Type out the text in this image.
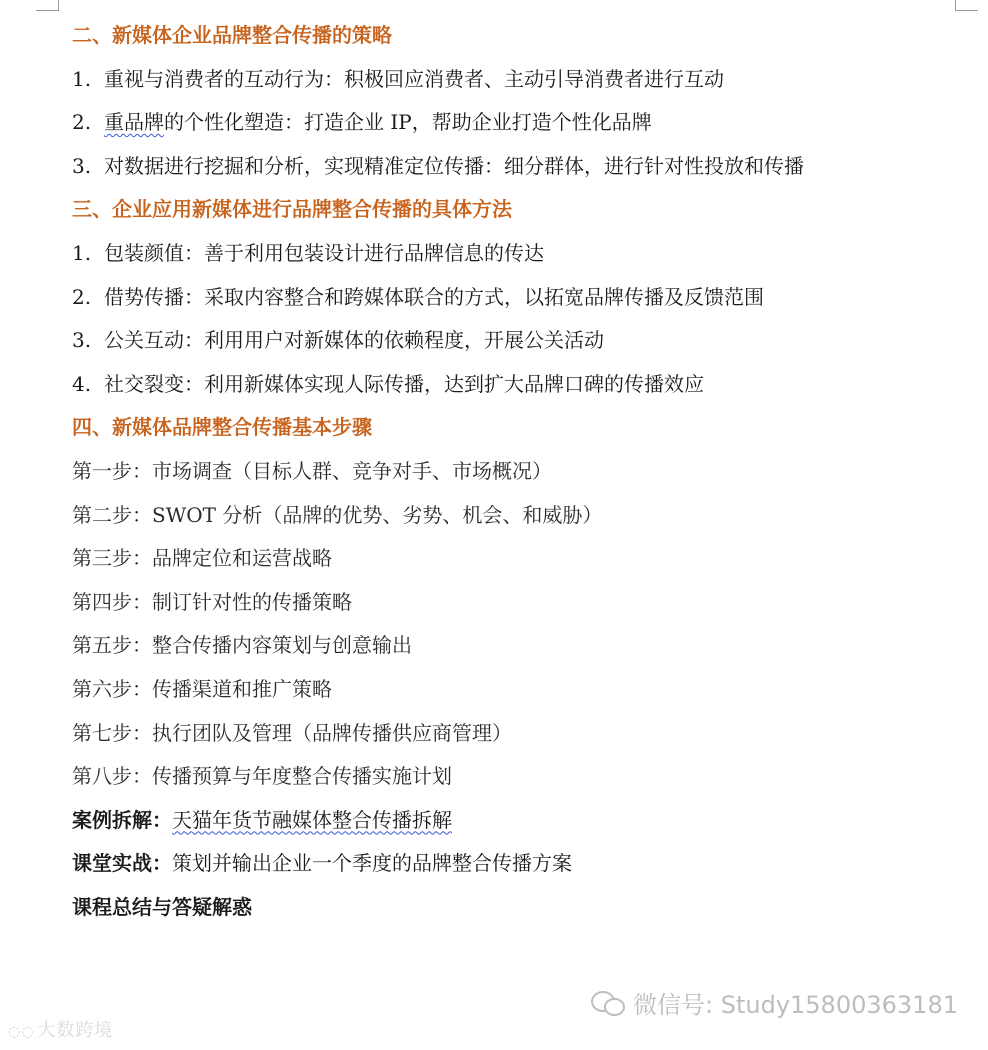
二、新媒体企业品牌整合传播的策略
1. 重视与消费者的互动行为：积极回应消费者、主动引导消费者进行互动
2. 重品牌的个性化塑造：打造企业 IP，帮助企业打造个性化品牌
3. 对数据进行挖掘和分析，实现精准定位传播：细分群体，进行针对性投放和传播
三、企业应用新媒体进行品牌整合传播的具体方法
1. 包装颜值：善于利用包装设计进行品牌信息的传达
2. 借势传播：采取内容整合和跨媒体联合的方式，以拓宽品牌传播及反馈范围
3. 公关互动：利用用户对新媒体的依赖程度，开展公关活动
4. 社交裂变：利用新媒体实现人际传播，达到扩大品牌口碑的传播效应
四、新媒体品牌整合传播基本步骤
第一步：市场调查（目标人群、竞争对手、市场概况）
第二步：SWOT 分析（品牌的优势、劣势、机会、和威胁）
第三步：品牌定位和运营战略
第四步：制订针对性的传播策略
第五步：整合传播内容策划与创意输出
第六步：传播渠道和推广策略
第七步：执行团队及管理（品牌传播供应商管理）
第八步：传播预算与年度整合传播实施计划
案例拆解：天猫年货节融媒体整合传播拆解
课堂实战：策划并输出企业一个季度的品牌整合传播方案
课程总结与答疑解惑
◌◌ 大数跨境
微信号: Study15800363181
